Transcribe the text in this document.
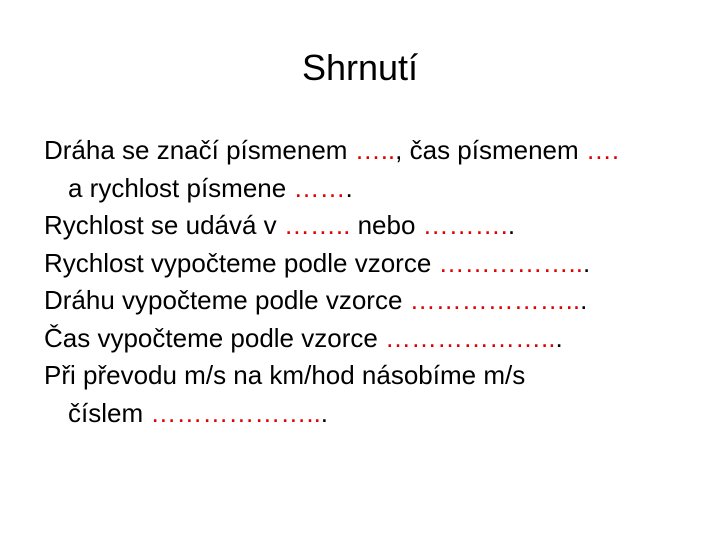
Shrnutí

Dráha se značí písmenem ….., čas písmenem ….

a rychlost písmene …….

Rychlost se udává v …….. nebo ………..

Rychlost vypočteme podle vzorce ……………...

Dráhu vypočteme podle vzorce ………………...

Čas vypočteme podle vzorce ………………...

Při převodu m/s na km/hod násobíme m/s

číslem ………………...
